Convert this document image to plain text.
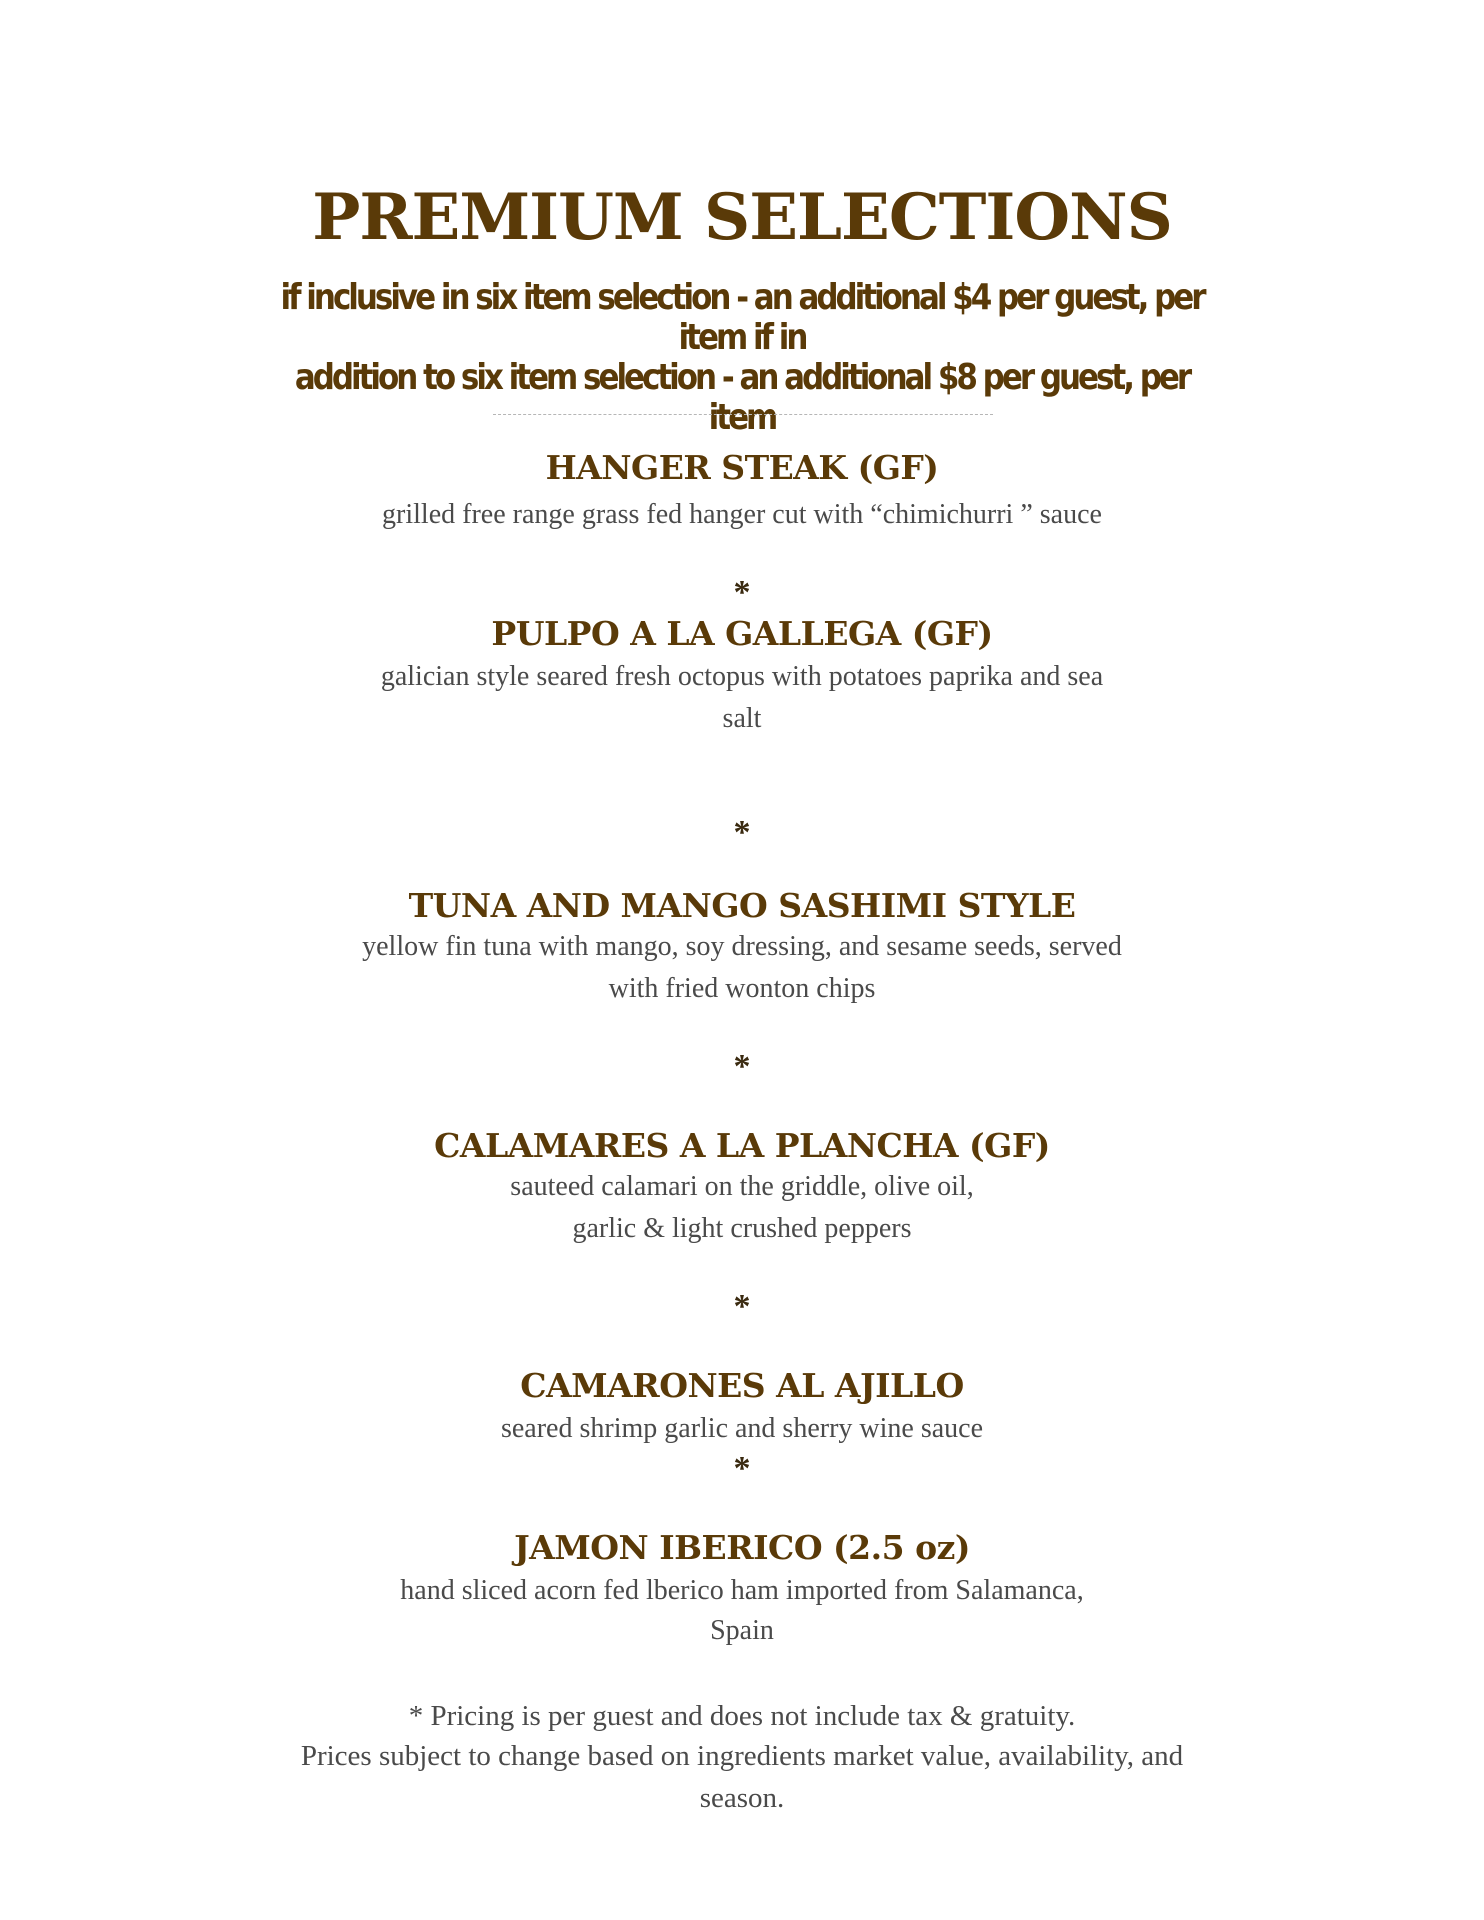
PREMIUM SELECTIONS
if inclusive in six item selection - an additional $4 per guest, per item if in
addition to six item selection - an additional $8 per guest, per item
HANGER STEAK (GF)
grilled free range grass fed hanger cut with “chimichurri ” sauce
*
PULPO A LA GALLEGA (GF)
galician style seared fresh octopus with potatoes paprika and sea
salt
*
TUNA AND MANGO SASHIMI STYLE
yellow fin tuna with mango, soy dressing, and sesame seeds, served
with fried wonton chips
*
CALAMARES A LA PLANCHA (GF)
sauteed calamari on the griddle, olive oil,
garlic & light crushed peppers
*
CAMARONES AL AJILLO
seared shrimp garlic and sherry wine sauce
*
JAMON IBERICO (2.5 oz)
hand sliced acorn fed lberico ham imported from Salamanca,
Spain
* Pricing is per guest and does not include tax & gratuity.
Prices subject to change based on ingredients market value, availability, and
season.
